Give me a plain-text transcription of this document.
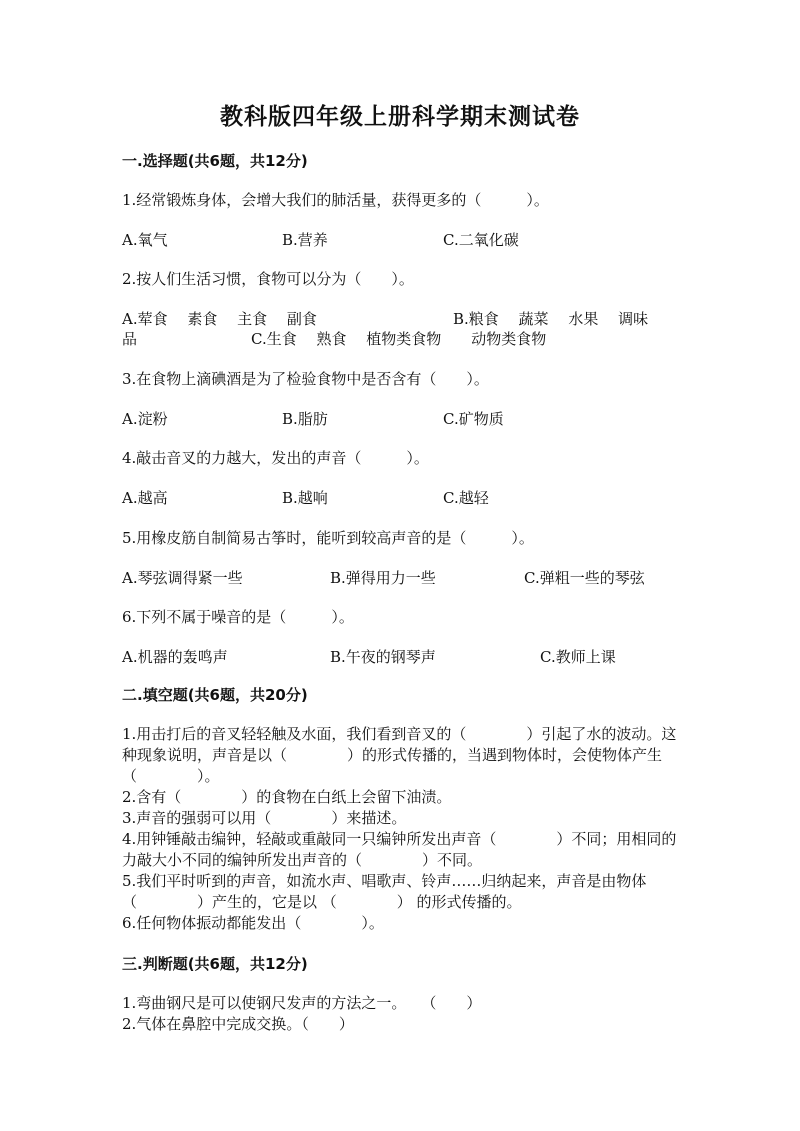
教科版四年级上册科学期末测试卷
一.选择题(共6题，共12分)
1.经常锻炼身体，会增大我们的肺活量，获得更多的（　　　）。
A.氧气	B.营养	C.二氧化碳
2.按人们生活习惯，食物可以分为（　　）。
A.荤食　 素食　 主食　 副食	B.粮食　 蔬菜　 水果　 调味
品	C.生食　 熟食　 植物类食物　　动物类食物
3.在食物上滴碘酒是为了检验食物中是否含有（　　）。
A.淀粉	B.脂肪	C.矿物质
4.敲击音叉的力越大，发出的声音（　　　）。
A.越高	B.越响	C.越轻
5.用橡皮筋自制简易古筝时，能听到较高声音的是（　　　）。
A.琴弦调得紧一些	B.弹得用力一些	C.弹粗一些的琴弦
6.下列不属于噪音的是（　　　）。
A.机器的轰鸣声	B.午夜的钢琴声	C.教师上课
二.填空题(共6题，共20分)
1.用击打后的音叉轻轻触及水面，我们看到音叉的（　　　　）引起了水的波动。这种现象说明，声音是以（　　　　）的形式传播的，当遇到物体时，会使物体产生（　　　　）。
2.含有（　　　　）的食物在白纸上会留下油渍。
3.声音的强弱可以用（　　　　）来描述。
4.用钟锤敲击编钟，轻敲或重敲同一只编钟所发出声音（　　　　）不同；用相同的力敲大小不同的编钟所发出声音的（　　　　）不同。
5.我们平时听到的声音，如流水声、唱歌声、铃声……归纳起来，声音是由物体（　　　　）产生的，它是以 （　　　　） 的形式传播的。
6.任何物体振动都能发出（　　　　）。
三.判断题(共6题，共12分)
1.弯曲钢尺是可以使钢尺发声的方法之一。　　（　　）
2.气体在鼻腔中完成交换。（　　）
